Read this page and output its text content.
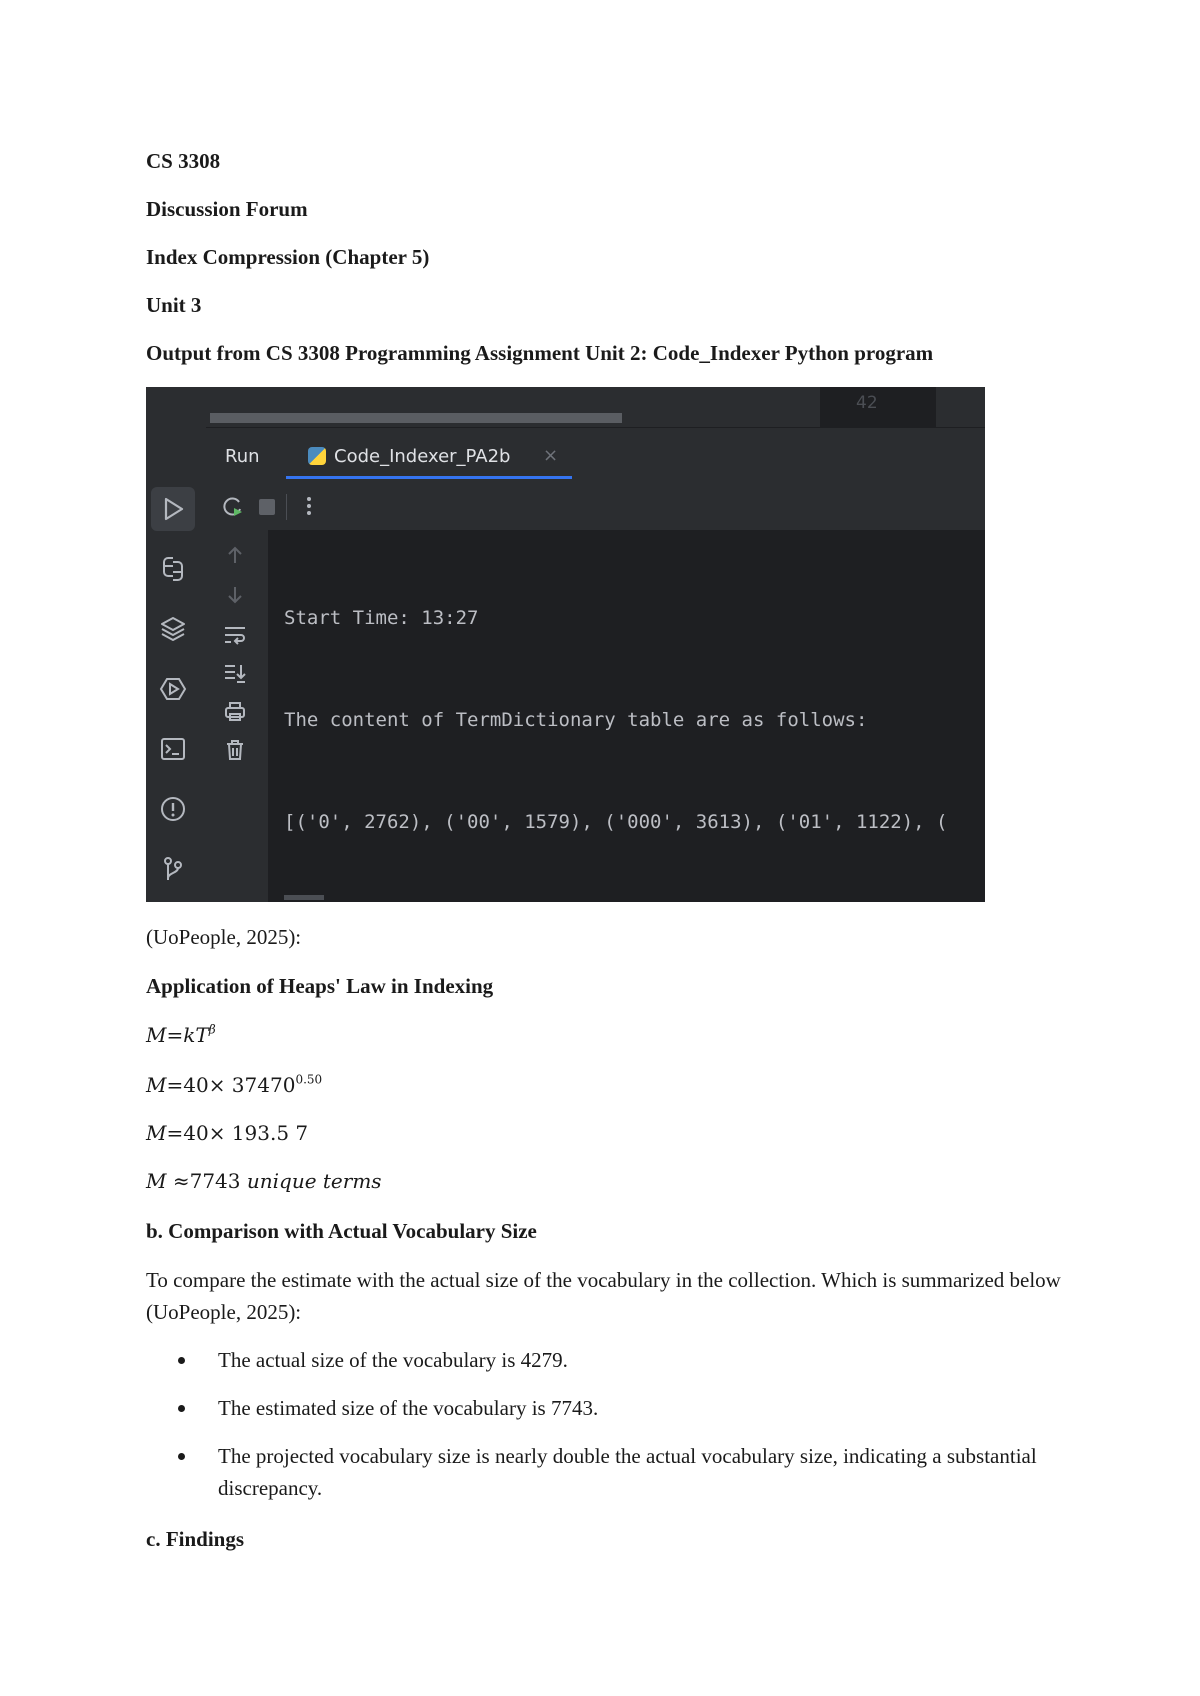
CS 3308

Discussion Forum

Index Compression (Chapter 5)

Unit 3

Output from CS 3308 Programming Assignment Unit 2: Code_Indexer Python program

42
Run	Code_Indexer_PA2b ×

Start Time: 13:27

The content of TermDictionary table are as follows:

[('0', 2762), ('00', 1579), ('000', 3613), ('01', 1122), (

(UoPeople, 2025):

Application of Heaps' Law in Indexing

$M=kT^\beta$

$M=40\times 37470^{0.50}$

M=40× 193.5 7

M ≈7743 unique terms

b. Comparison with Actual Vocabulary Size

To compare the estimate with the actual size of the vocabulary in the collection. Which is summarized below (UoPeople, 2025):

The actual size of the vocabulary is 4279.
The estimated size of the vocabulary is 7743.
The projected vocabulary size is nearly double the actual vocabulary size, indicating a substantial discrepancy.

c. Findings
